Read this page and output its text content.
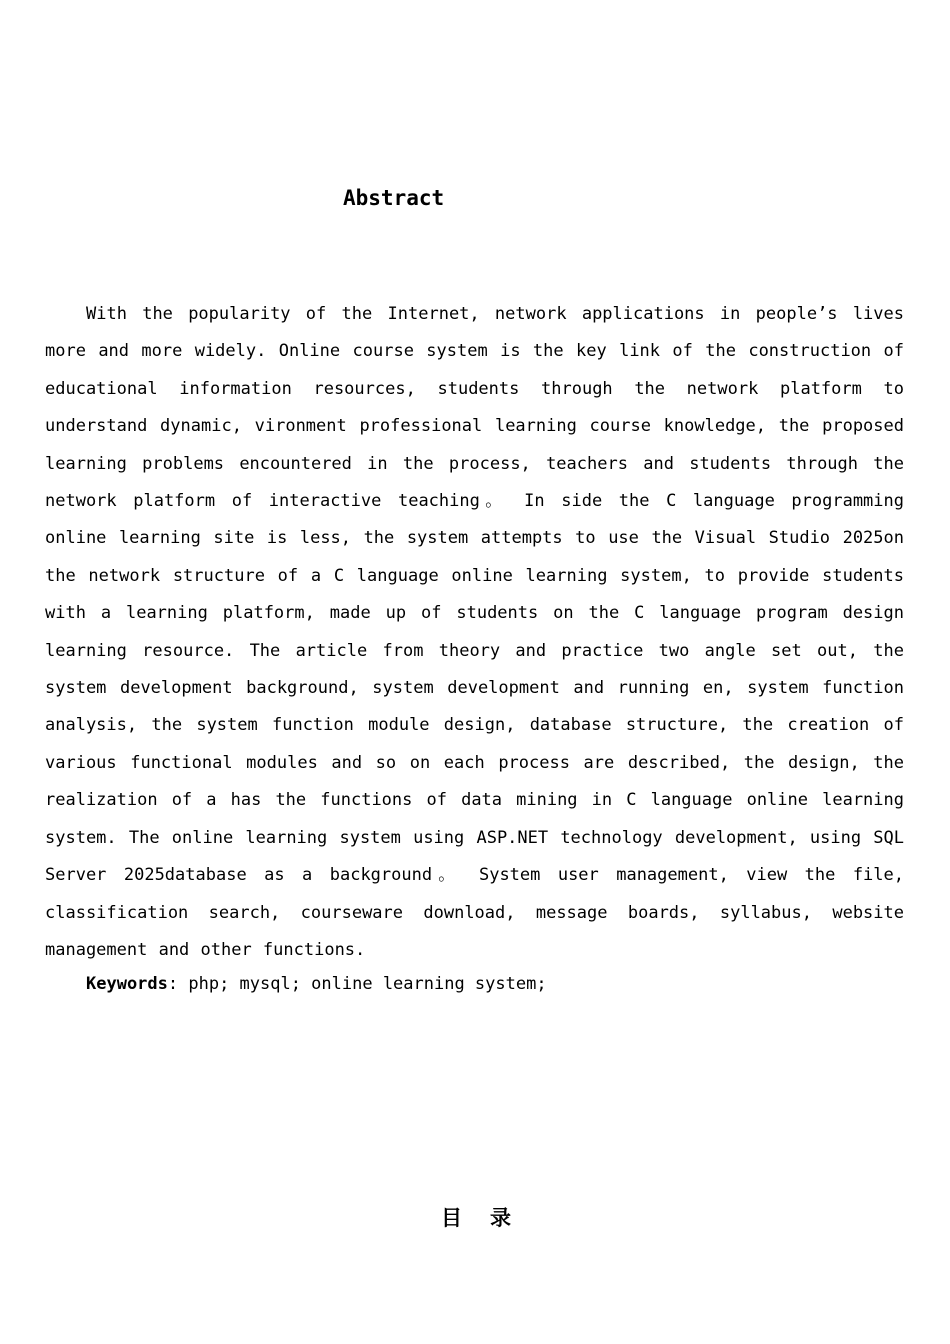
Abstract

With the popularity of the Internet, network applications in people’s lives more and more widely. Online course system is the key link of the construction of educational information resources, students through the network platform to understand dynamic, vironment professional learning course knowledge, the proposed learning problems encountered in the process, teachers and students through the network platform of interactive teaching。 In side the C language programming online learning site is less, the system attempts to use the Visual Studio 2025on the network structure of a C language online learning system, to provide students with a learning platform, made up of students on the C language program design learning resource. The article from theory and practice two angle set out, the system development background, system development and running en, system function analysis, the system function module design, database structure, the creation of various functional modules and so on each process are described, the design, the realization of a has the functions of data mining in C language online learning system. The online learning system using ASP.NET technology development, using SQL Server 2025database as a background。 System user management, view the file, classification search, courseware download, message boards, syllabus, website management and other functions.

Keywords: php; mysql; online learning system;
目录
